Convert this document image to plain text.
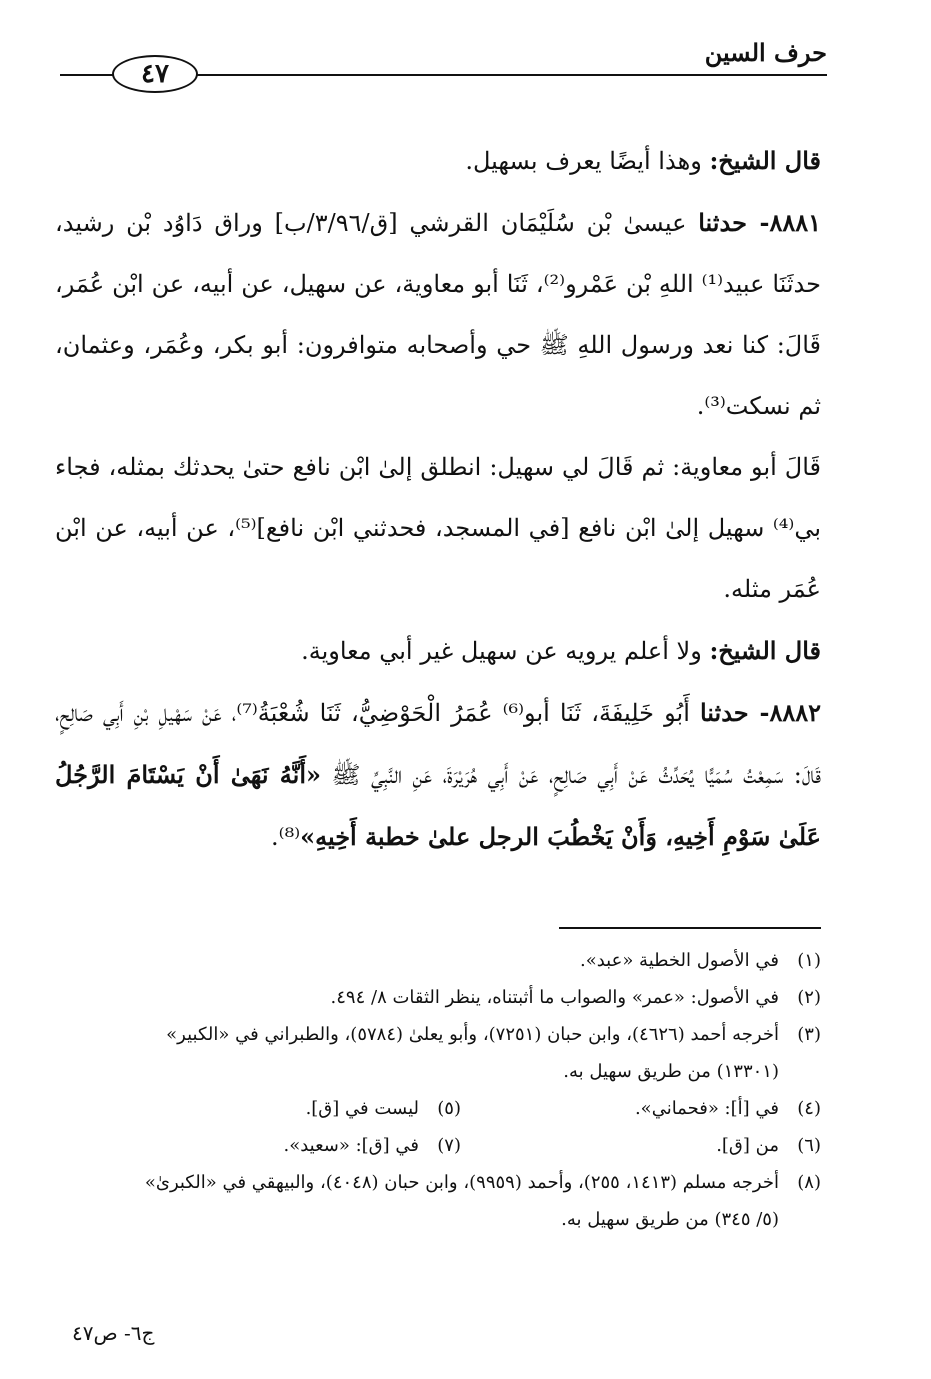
حرف السين
٤٧

قال الشيخ: وهذا أيضًا يعرف بسهيل.

٨٨٨١- حدثنا عيسىٰ بْن سُلَيْمَان القرشي [ق/٣/٩٦/ب] وراق دَاوُد بْن رشيد، حدثَنَا عبيد⁽¹⁾ اللهِ بْن عَمْرو⁽²⁾، ثَنَا أبو معاوية، عن سهيل، عن أبيه، عن ابْن عُمَر، قَالَ: كنا نعد ورسول اللهِ ﷺ حي وأصحابه متوافرون: أبو بكر، وعُمَر، وعثمان، ثم نسكت⁽³⁾.

قَالَ أبو معاوية: ثم قَالَ لي سهيل: انطلق إلىٰ ابْن نافع حتىٰ يحدثك بمثله، فجاء بي⁽⁴⁾ سهيل إلىٰ ابْن نافع [في المسجد، فحدثني ابْن نافع]⁽⁵⁾، عن أبيه، عن ابْن عُمَر مثله.

قال الشيخ: ولا أعلم يرويه عن سهيل غير أبي معاوية.

٨٨٨٢- حدثنا أَبُو خَلِيفَةَ، ثَنَا أبو⁽⁶⁾ عُمَرُ الْحَوْضِيُّ، ثَنَا شُعْبَةُ⁽⁷⁾، عَنْ سَهْيلِ بْنِ أَبِي صَالِحٍ، قَالَ: سَمِعْتُ سُمَيًّا يُحَدِّثُ عَنْ أَبِي صَالِحٍ، عَنْ أَبِي هُرَيْرَةَ، عَنِ النَّبِيِّ ﷺ «أَنَّهُ نَهَىٰ أَنْ يَسْتَامَ الرَّجُلُ عَلَىٰ سَوْمِ أَخِيهِ، وَأَنْ يَخْطُبَ الرجل علىٰ خطبة أَخِيهِ»⁽⁸⁾.

(١)
في الأصول الخطية «عبد».
(٢)
في الأصول: «عمر» والصواب ما أثبتناه، ينظر الثقات ٨/ ٤٩٤.
(٣)
أخرجه أحمد (٤٦٢٦)، وابن حبان (٧٢٥١)، وأبو يعلىٰ (٥٧٨٤)، والطبراني في «الكبير»
(١٣٣٠١) من طريق سهيل به.
(٤)
في [أ]: «فحماني».
(٥)
ليست في [ق].
(٦)
من [ق].
(٧)
في [ق]: «سعيد».
(٨)
أخرجه مسلم (١٤١٣، ٢٥٥)، وأحمد (٩٩٥٩)، وابن حبان (٤٠٤٨)، والبيهقي في «الكبرىٰ»
(٥/ ٣٤٥) من طريق سهيل به.
ج٦- ص٤٧
